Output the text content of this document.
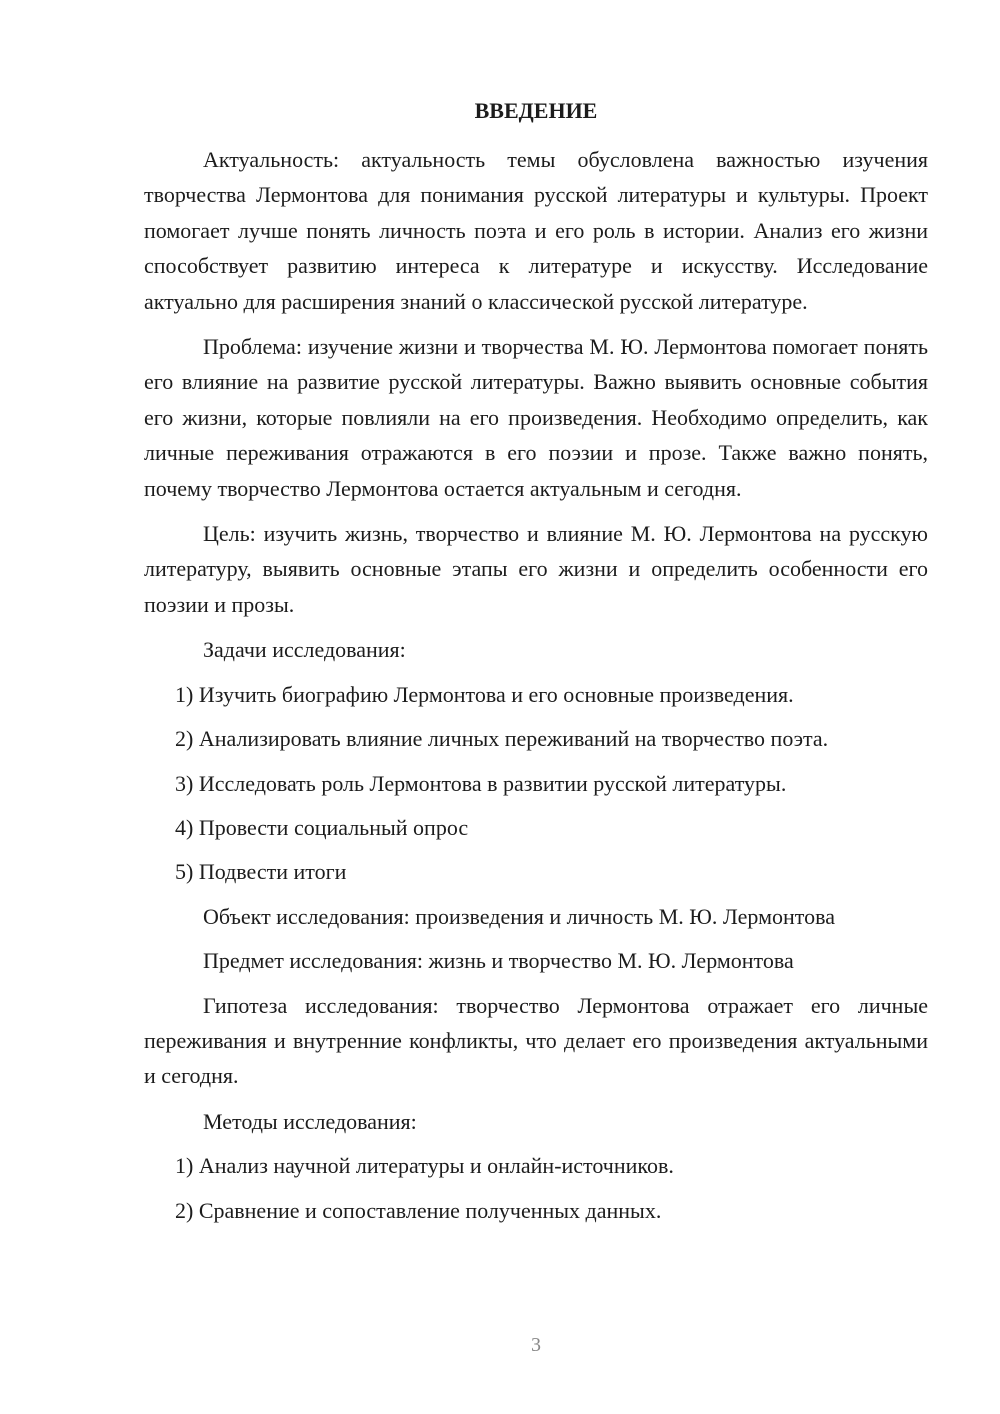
ВВЕДЕНИЕ

Актуальность: актуальность темы обусловлена важностью изучения творчества Лермонтова для понимания русской литературы и культуры. Проект помогает лучше понять личность поэта и его роль в истории. Анализ его жизни способствует развитию интереса к литературе и искусству. Исследование актуально для расширения знаний о классической русской литературе.

Проблема: изучение жизни и творчества М. Ю. Лермонтова помогает понять его влияние на развитие русской литературы. Важно выявить основные события его жизни, которые повлияли на его произведения. Необходимо определить, как личные переживания отражаются в его поэзии и прозе. Также важно понять, почему творчество Лермонтова остается актуальным и сегодня.

Цель: изучить жизнь, творчество и влияние М. Ю. Лермонтова на русскую литературу, выявить основные этапы его жизни и определить особенности его поэзии и прозы.

Задачи исследования:
1) Изучить биографию Лермонтова и его основные произведения.
2) Анализировать влияние личных переживаний на творчество поэта.
3) Исследовать роль Лермонтова в развитии русской литературы.
4) Провести социальный опрос
5) Подвести итоги
Объект исследования: произведения и личность М. Ю. Лермонтова
Предмет исследования: жизнь и творчество М. Ю. Лермонтова

Гипотеза исследования: творчество Лермонтова отражает его личные переживания и внутренние конфликты, что делает его произведения актуальными и сегодня.

Методы исследования:
1) Анализ научной литературы и онлайн-источников.
2) Сравнение и сопоставление полученных данных.
3
